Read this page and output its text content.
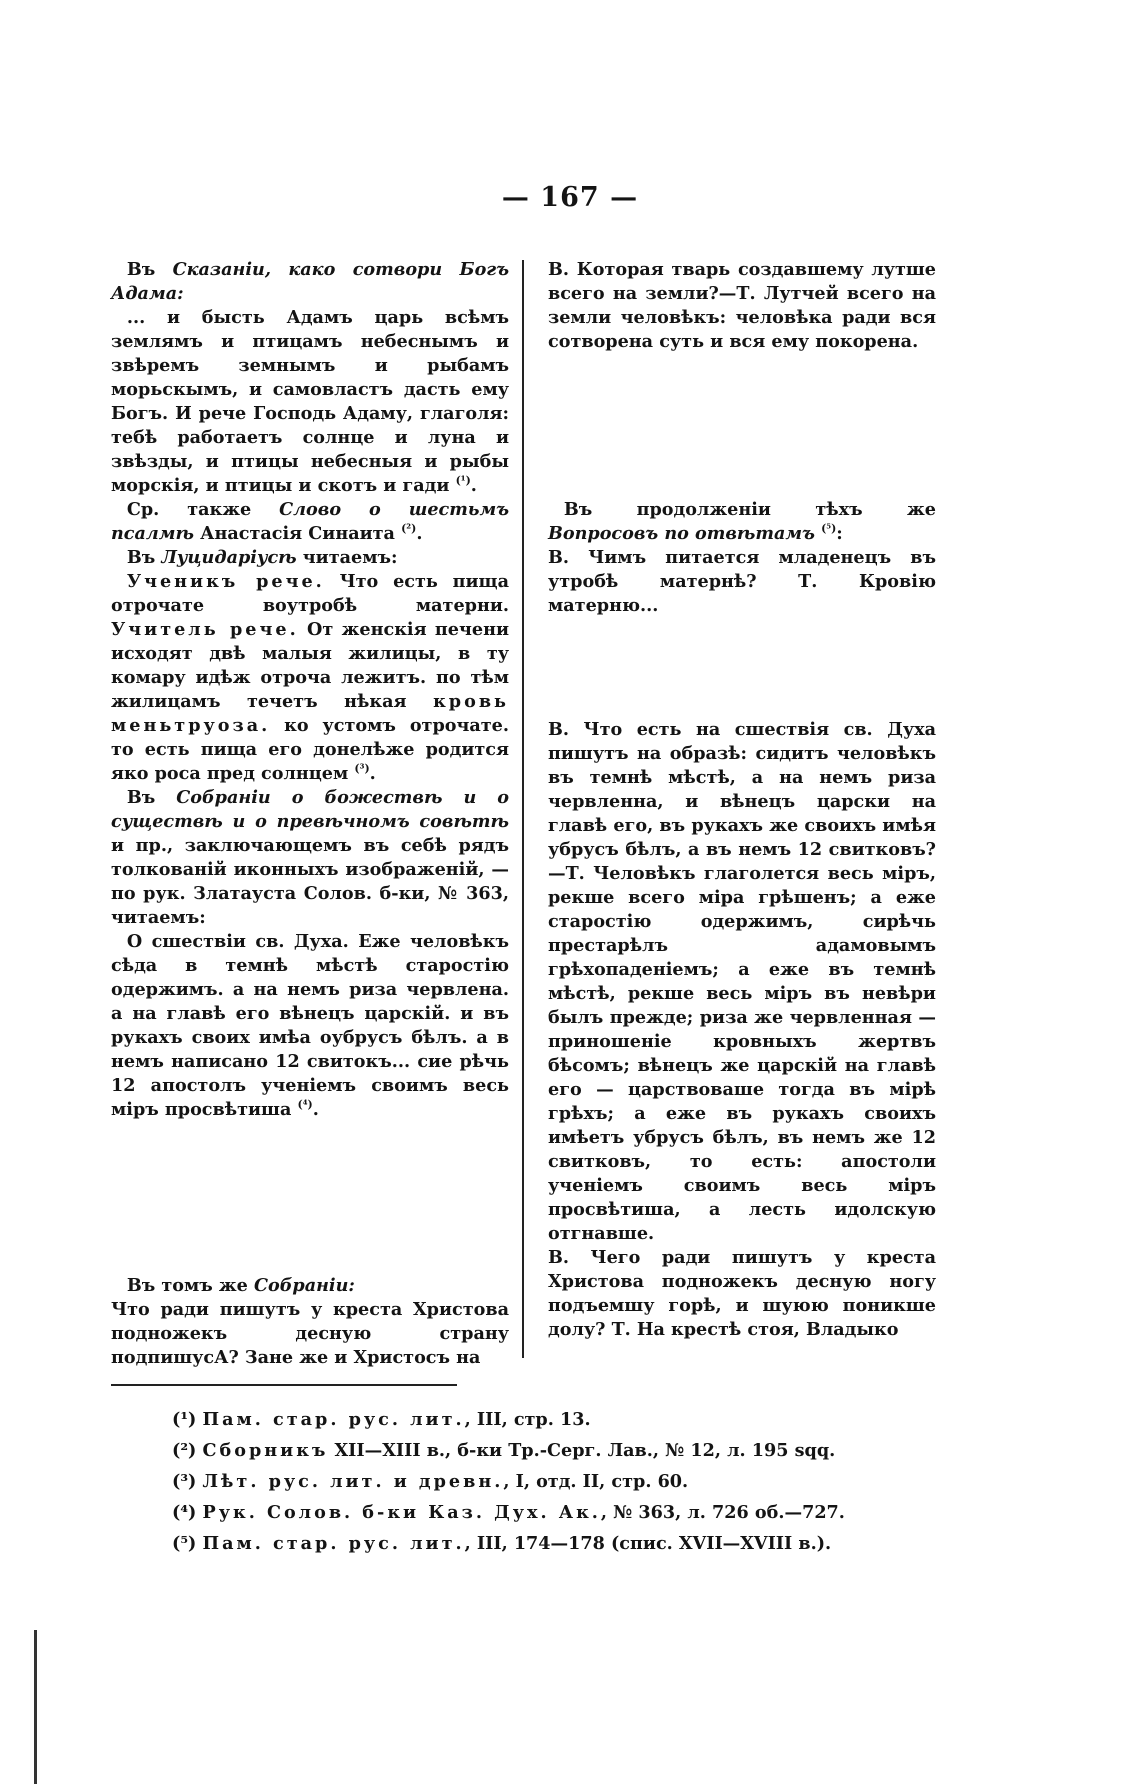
— 167 —

Въ Сказаніи, како сотвори Богъ Адама:

... и бысть Адамъ царь всѣмъ землямъ и птицамъ небеснымъ и звѣремъ земнымъ и рыбамъ морьскымъ, и самовластъ дасть ему Богъ. И рече Господь Адаму, глаголя: тебѣ работаетъ солнце и луна и звѣзды, и птицы небесныя и рыбы морскія, и птицы и скотъ и гади $^{(^1)}$.

Ср. также Слово о шестьмъ псалмѣ Анастасія Синаита $^{(^2)}$.

Въ Луцидаріусѣ читаемъ:

Ученикъ рече. Что есть пища отрочате воутробѣ матерни. Учитель рече. От женскія печени исходят двѣ малыя жилицы, в ту комару идѣж отроча лежитъ. по тѣм жилицамъ течетъ нѣкая кровь меньтруоза. ко устомъ отрочате. то есть пища его донелѣже родится яко роса пред солнцем $^{(^3)}$.

Въ Собраніи о божествѣ и о существѣ и о превѣчномъ совѣтѣ и пр., заключающемъ въ себѣ рядъ толкованій иконныхъ изображеній, — по рук. Златауста Солов. б-ки, № 363, читаемъ:

О сшествіи св. Духа. Еже человѣкъ сѣда в темнѣ мѣстѣ старостію одержимъ. а на немъ риза червлена. а на главѣ его вѣнецъ царскій. и въ рукахъ своих имѣа оубрусъ бѣлъ. а в немъ написано 12 свитокъ... сие рѣчь 12 апостолъ ученіемъ своимъ весь міръ просвѣтиша $^{(^4)}$.

Въ томъ же Собраніи:

Что ради пишутъ у креста Христова подножекъ десную страну подпишусА? Зане же и Христосъ на

В. Которая тварь создавшему лутше всего на земли?—Т. Лутчей всего на земли человѣкъ: человѣка ради вся сотворена суть и вся ему покорена.

Въ продолженіи тѣхъ же Вопросовъ по отвѣтамъ $^{(^5)}$:

В. Чимъ питается младенецъ въ утробѣ матернѣ? Т. Кровію матерню...

В. Что есть на сшествія св. Духа пишутъ на образѣ: сидитъ человѣкъ въ темнѣ мѣстѣ, а на немъ риза червленна, и вѣнецъ царски на главѣ его, въ рукахъ же своихъ имѣя убрусъ бѣлъ, а въ немъ 12 свитковъ?—Т. Человѣкъ глаголется весь міръ, рекше всего міра грѣшенъ; а еже старостію одержимъ, сирѣчь престарѣлъ адамовымъ грѣхопаденіемъ; а еже въ темнѣ мѣстѣ, рекше весь міръ въ невѣри былъ прежде; риза же червленная — приношеніе кровныхъ жертвъ бѣсомъ; вѣнецъ же царскій на главѣ его — царствоваше тогда въ мірѣ грѣхъ; а еже въ рукахъ своихъ имѣетъ убрусъ бѣлъ, въ немъ же 12 свитковъ, то есть: апостоли ученіемъ своимъ весь міръ просвѣтиша, а лесть идолскую отгнавше.

В. Чего ради пишутъ у креста Христова подножекъ десную ногу подъемшу горѣ, и шуюю поникше долу? Т. На крестѣ стоя, Владыко

(¹) Пам. стар. рус. лит., III, стр. 13.

(²) Сборникъ XII—XIII в., б-ки Тр.-Серг. Лав., № 12, л. 195 sqq.

(³) Лѣт. рус. лит. и древн., I, отд. II, стр. 60.

(⁴) Рук. Солов. б-ки Каз. Дух. Ак., № 363, л. 726 об.—727.

(⁵) Пам. стар. рус. лит., III, 174—178 (спис. XVII—XVIII в.).
